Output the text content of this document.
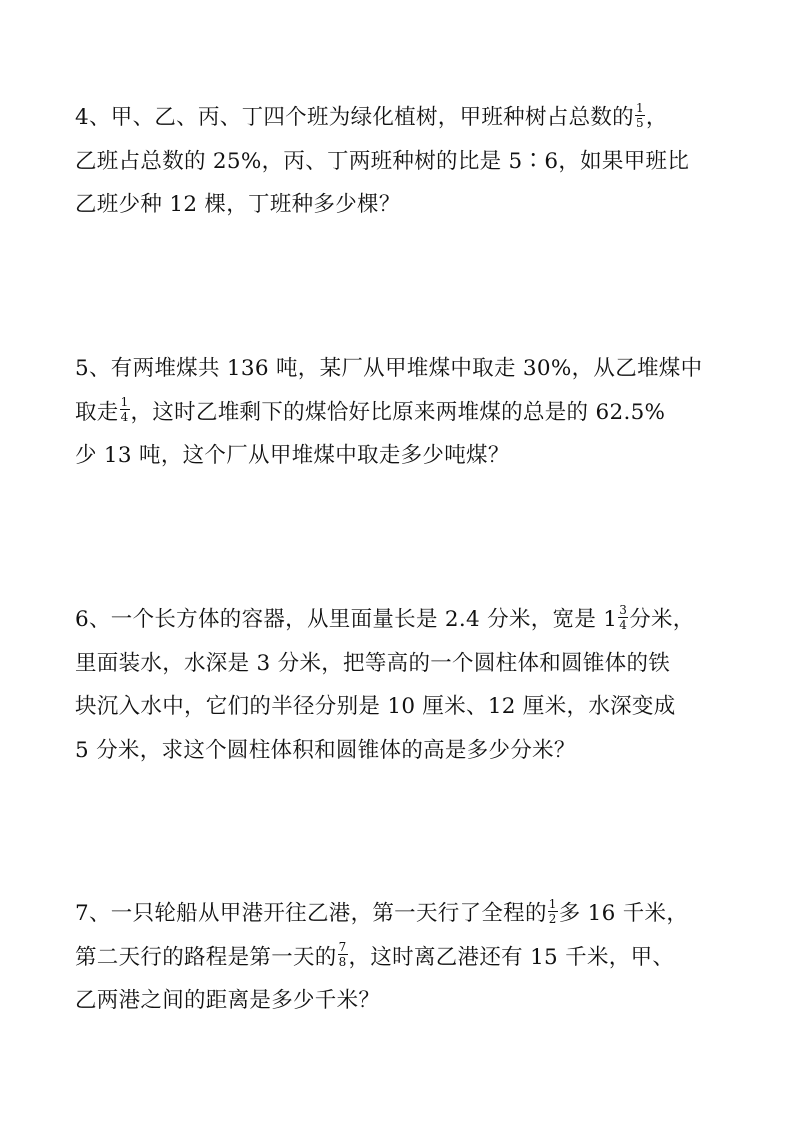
4、甲、乙、丙、丁四个班为绿化植树，甲班种树占总数的 $\frac{1}{5}$ ，
乙班占总数的 25%，丙、丁两班种树的比是 5∶6，如果甲班比
乙班少种 12 棵，丁班种多少棵？
5、有两堆煤共 136 吨，某厂从甲堆煤中取走 30%，从乙堆煤中
取走 $\frac{1}{4}$ ，这时乙堆剩下的煤恰好比原来两堆煤的总是的 62.5%
少 13 吨，这个厂从甲堆煤中取走多少吨煤？
6、一个长方体的容器，从里面量长是 2.4 分米，宽是 $1 \frac{3}{4}$ 分米，
里面装水，水深是 3 分米，把等高的一个圆柱体和圆锥体的铁
块沉入水中，它们的半径分别是 10 厘米、12 厘米，水深变成
5 分米，求这个圆柱体积和圆锥体的高是多少分米？
7、一只轮船从甲港开往乙港，第一天行了全程的 $\frac{1}{2}$ 多 16 千米，
第二天行的路程是第一天的 $\frac{7}{8}$ ，这时离乙港还有 15 千米，甲、
乙两港之间的距离是多少千米？
